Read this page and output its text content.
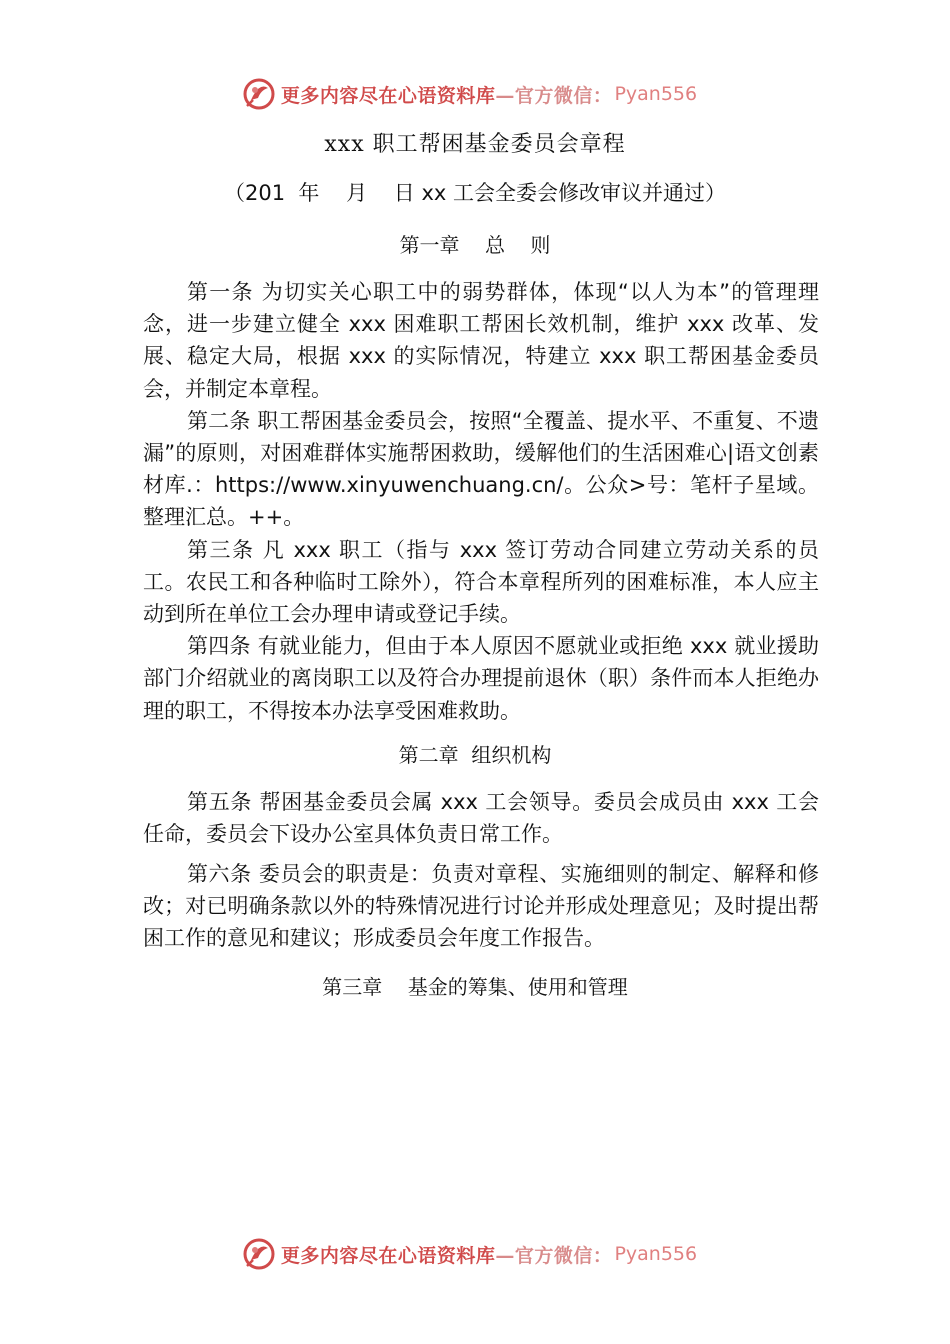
更多内容尽在心语资料库 —官方微信： Pyan556
xxx 职工帮困基金委员会章程
（201  年    月    日 xx 工会全委会修改审议并通过）
第一章    总    则

第一条 为切实关心职工中的弱势群体，体现“以人为本”的管理理念，进一步建立健全 xxx 困难职工帮困长效机制，维护 xxx 改革、发展、稳定大局，根据 xxx 的实际情况，特建立 xxx 职工帮困基金委员会，并制定本章程。

第二条 职工帮困基金委员会，按照“全覆盖、提水平、不重复、不遗漏”的原则，对困难群体实施帮困救助，缓解他们的生活困难心|语文创素材库.：https://www.xinyuwenchuang.cn/。公众>号：笔杆子星域。整理汇总。++。

第三条 凡 xxx 职工（指与 xxx 签订劳动合同建立劳动关系的员工。农民工和各种临时工除外），符合本章程所列的困难标准，本人应主动到所在单位工会办理申请或登记手续。

第四条 有就业能力，但由于本人原因不愿就业或拒绝 xxx 就业援助部门介绍就业的离岗职工以及符合办理提前退休（职）条件而本人拒绝办理的职工，不得按本办法享受困难救助。

第二章  组织机构

第五条 帮困基金委员会属 xxx 工会领导。委员会成员由 xxx 工会任命，委员会下设办公室具体负责日常工作。

第六条 委员会的职责是：负责对章程、实施细则的制定、解释和修改；对已明确条款以外的特殊情况进行讨论并形成处理意见；及时提出帮困工作的意见和建议；形成委员会年度工作报告。

第三章    基金的筹集、使用和管理
更多内容尽在心语资料库 —官方微信： Pyan556
